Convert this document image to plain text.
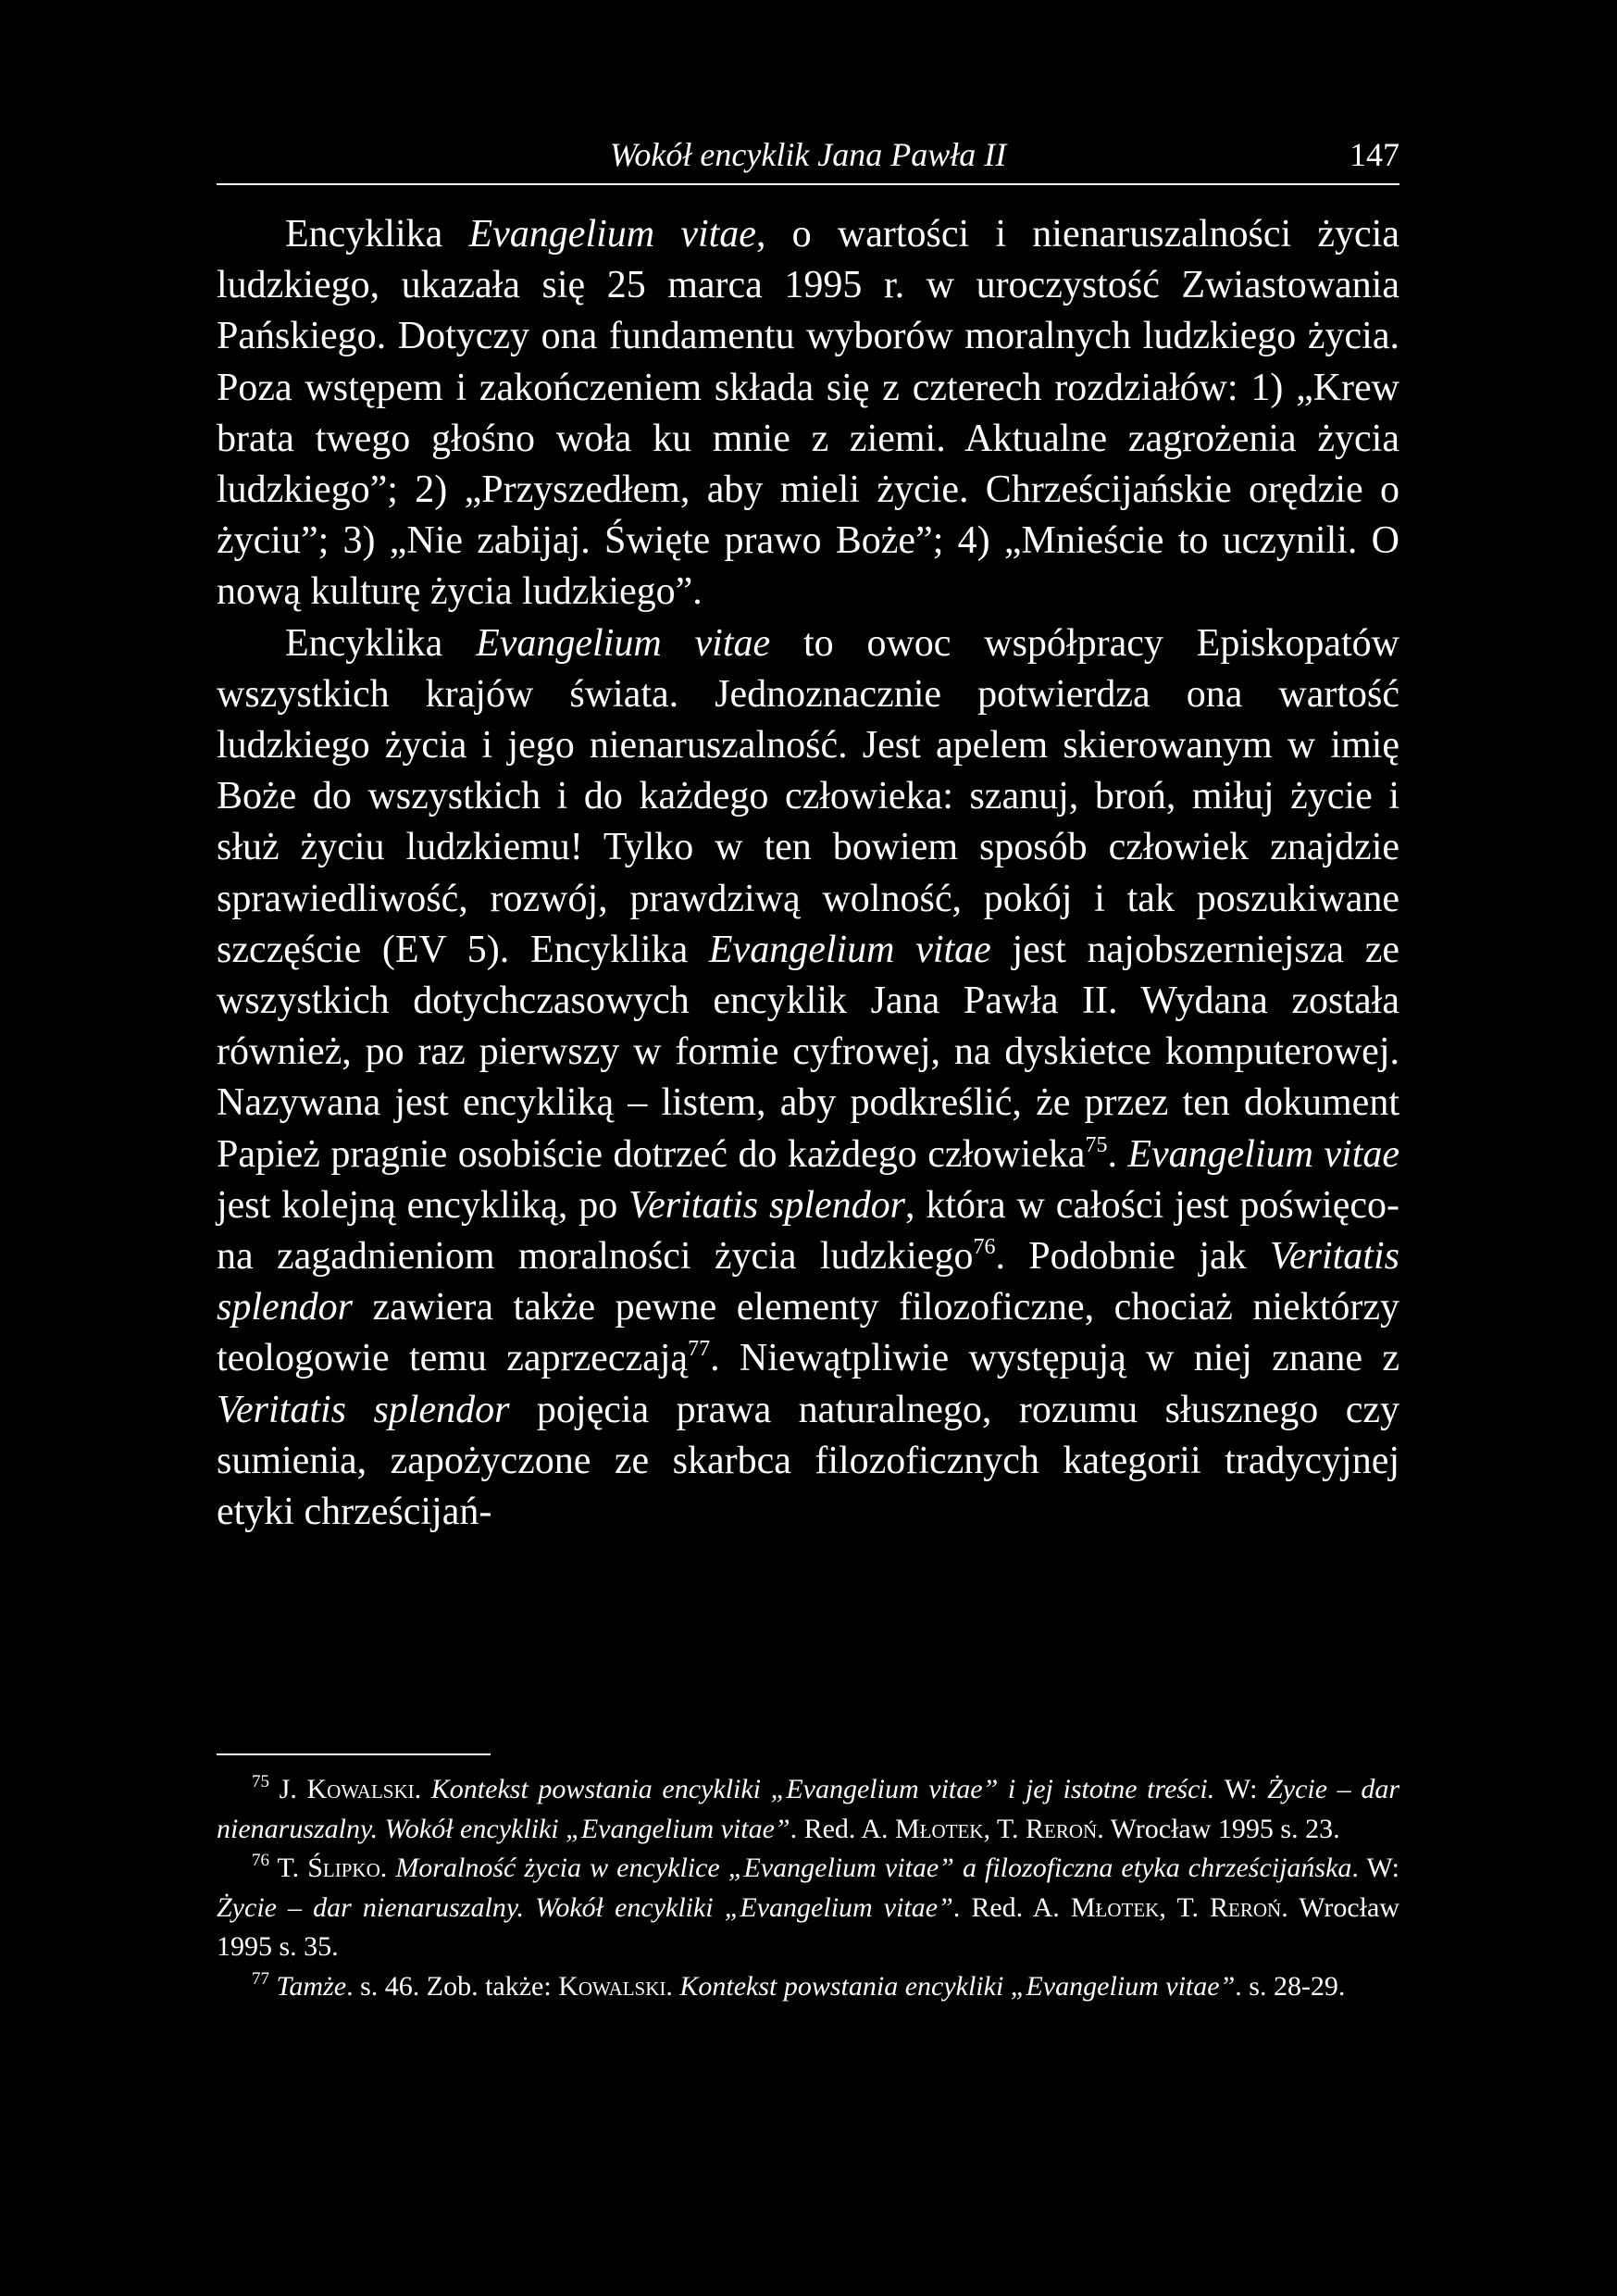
Wokół encyklik Jana Pawła II	147

Encyklika Evangelium vitae, o wartości i nienaruszalności życia ludzkiego, ukazała się 25 marca 1995 r. w uroczystość Zwiastowania Pańskiego. Dotyczy ona fundamentu wyborów moralnych ludzkiego życia. Poza wstępem i zakończeniem składa się z czterech rozdziałów: 1) „Krew brata twego głośno woła ku mnie z ziemi. Aktualne zagrożenia życia ludzkiego”; 2) „Przyszedłem, aby mieli życie. Chrześcijańskie orędzie o życiu”; 3) „Nie zabijaj. Święte prawo Boże”; 4) „Mnieście to uczynili. O nową kulturę życia ludzkiego”.

Encyklika Evangelium vitae to owoc współpracy Episkopatów wszystkich krajów świata. Jednoznacznie potwierdza ona wartość ludzkiego życia i jego nienaruszalność. Jest apelem skierowanym w imię Boże do wszystkich i do każdego człowieka: szanuj, broń, miłuj życie i służ życiu ludzkiemu! Tylko w ten bowiem sposób człowiek znajdzie sprawiedliwość, rozwój, prawdziwą wolność, pokój i tak poszukiwane szczęście (EV 5). Encyklika Evangelium vitae jest najobszerniejsza ze wszystkich dotychczasowych encyklik Jana Pawła II. Wydana została również, po raz pierwszy w formie cyfrowej, na dyskietce komputerowej. Nazywana jest encykliką – listem, aby podkreślić, że przez ten dokument Papież pragnie osobiście dotrzeć do każdego człowieka$^{75}$. Evangelium vitae jest kolejną encykliką, po Veritatis splendor, która w całości jest poświęcona zagadnieniom moralności życia ludzkiego$^{76}$. Podobnie jak Veritatis splendor zawiera także pewne elementy filozoficzne, chociaż niektórzy teologowie temu zaprzeczają$^{77}$. Niewątpliwie występują w niej znane z Veritatis splendor pojęcia prawa naturalnego, rozumu słusznego czy sumienia, zapożyczone ze skarbca filozoficznych kategorii tradycyjnej etyki chrześcijań-

$^{75}$ J. Kowalski. Kontekst powstania encykliki „Evangelium vitae” i jej istotne treści. W: Życie – dar nienaruszalny. Wokół encykliki „Evangelium vitae”. Red. A. Młotek, T. Reroń. Wrocław 1995 s. 23.

$^{76}$ T. Ślipko. Moralność życia w encyklice „Evangelium vitae” a filozoficzna etyka chrześcijańska. W: Życie – dar nienaruszalny. Wokół encykliki „Evangelium vitae”. Red. A. Młotek, T. Reroń. Wrocław 1995 s. 35.

$^{77}$ Tamże. s. 46. Zob. także: Kowalski. Kontekst powstania encykliki „Evangelium vitae”. s. 28-29.
